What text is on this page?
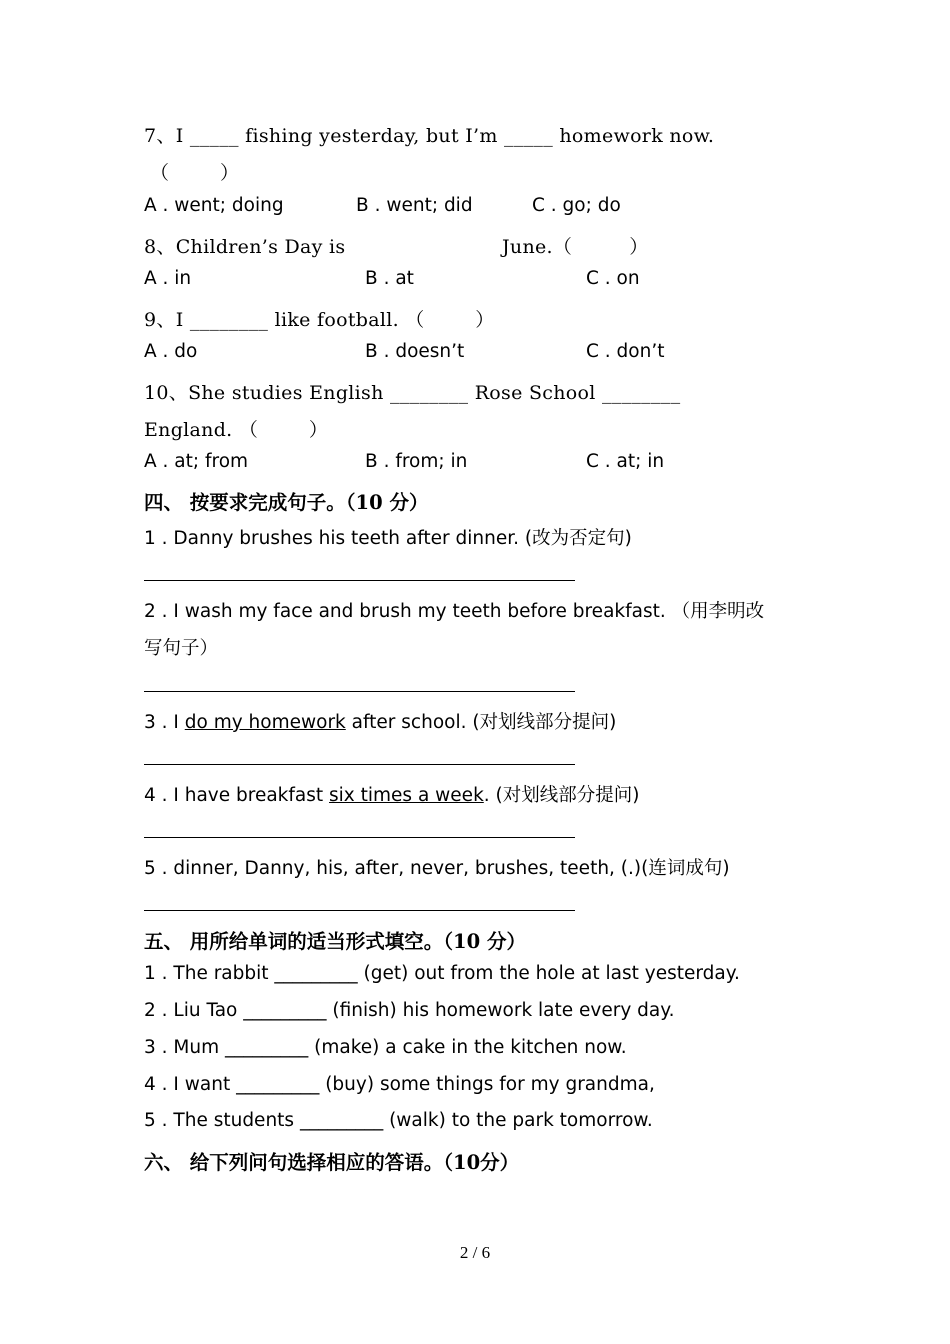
7、I _____ fishing yesterday, but I’m _____ homework now.
（        ）
A . went; doing	B . went; did	C . go; do
8、Children’s Day is	June.（         ）
A . in	B . at	C . on
9、I ________ like football. （        ）
A . do	B . doesn’t	C . don’t
10、She studies English ________ Rose School ________
England. （        ）
A . at; from	B . from; in	C . at; in
四、 按要求完成句子。（10 分）
1 . Danny brushes his teeth after dinner. (改为否定句)
2 . I wash my face and brush my teeth before breakfast. （用李明改
写句子）
3 . I do my homework after school. (对划线部分提问)
4 . I have breakfast six times a week. (对划线部分提问)
5 . dinner, Danny, his, after, never, brushes, teeth, (.)(连词成句)
五、 用所给单词的适当形式填空。（10 分）
1 . The rabbit _________ (get) out from the hole at last yesterday.
2 . Liu Tao _________ (finish) his homework late every day.
3 . Mum _________ (make) a cake in the kitchen now.
4 . I want _________ (buy) some things for my grandma,
5 . The students _________ (walk) to the park tomorrow.
六、 给下列问句选择相应的答语。（10分）
2 / 6
